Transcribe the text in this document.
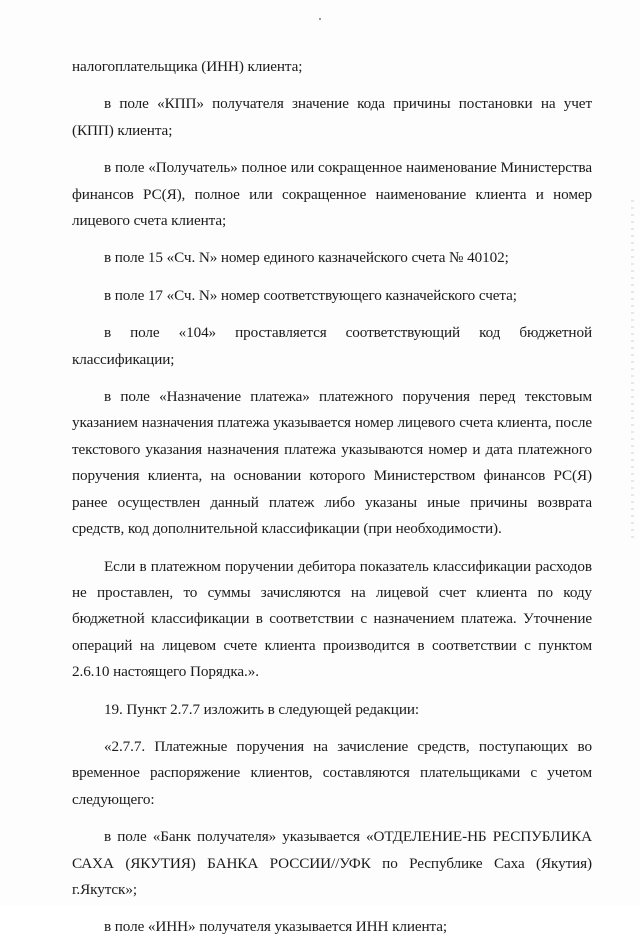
налогоплательщика (ИНН) клиента;

в поле «КПП» получателя значение кода причины постановки на учет (КПП) клиента;

в поле «Получатель» полное или сокращенное наименование Министерства финансов РС(Я), полное или сокращенное наименование клиента и номер лицевого счета клиента;

в поле 15 «Сч. N» номер единого казначейского счета № 40102;

в поле 17 «Сч. N» номер соответствующего казначейского счета;

в поле «104» проставляется соответствующий код бюджетной классификации;

в поле «Назначение платежа» платежного поручения перед текстовым указанием назначения платежа указывается номер лицевого счета клиента, после текстового указания назначения платежа указываются номер и дата платежного поручения клиента, на основании которого Министерством финансов РС(Я) ранее осуществлен данный платеж либо указаны иные причины возврата средств, код дополнительной классификации (при необходимости).

Если в платежном поручении дебитора показатель классификации расходов не проставлен, то суммы зачисляются на лицевой счет клиента по коду бюджетной классификации в соответствии с назначением платежа. Уточнение операций на лицевом счете клиента производится в соответствии с пунктом 2.6.10 настоящего Порядка.».

19. Пункт 2.7.7 изложить в следующей редакции:

«2.7.7. Платежные поручения на зачисление средств, поступающих во временное распоряжение клиентов, составляются плательщиками с учетом следующего:

в поле «Банк получателя» указывается «ОТДЕЛЕНИЕ-НБ РЕСПУБЛИКА САХА (ЯКУТИЯ) БАНКА РОССИИ//УФК по Республике Саха (Якутия) г.Якутск»;

в поле «ИНН» получателя указывается ИНН клиента;
